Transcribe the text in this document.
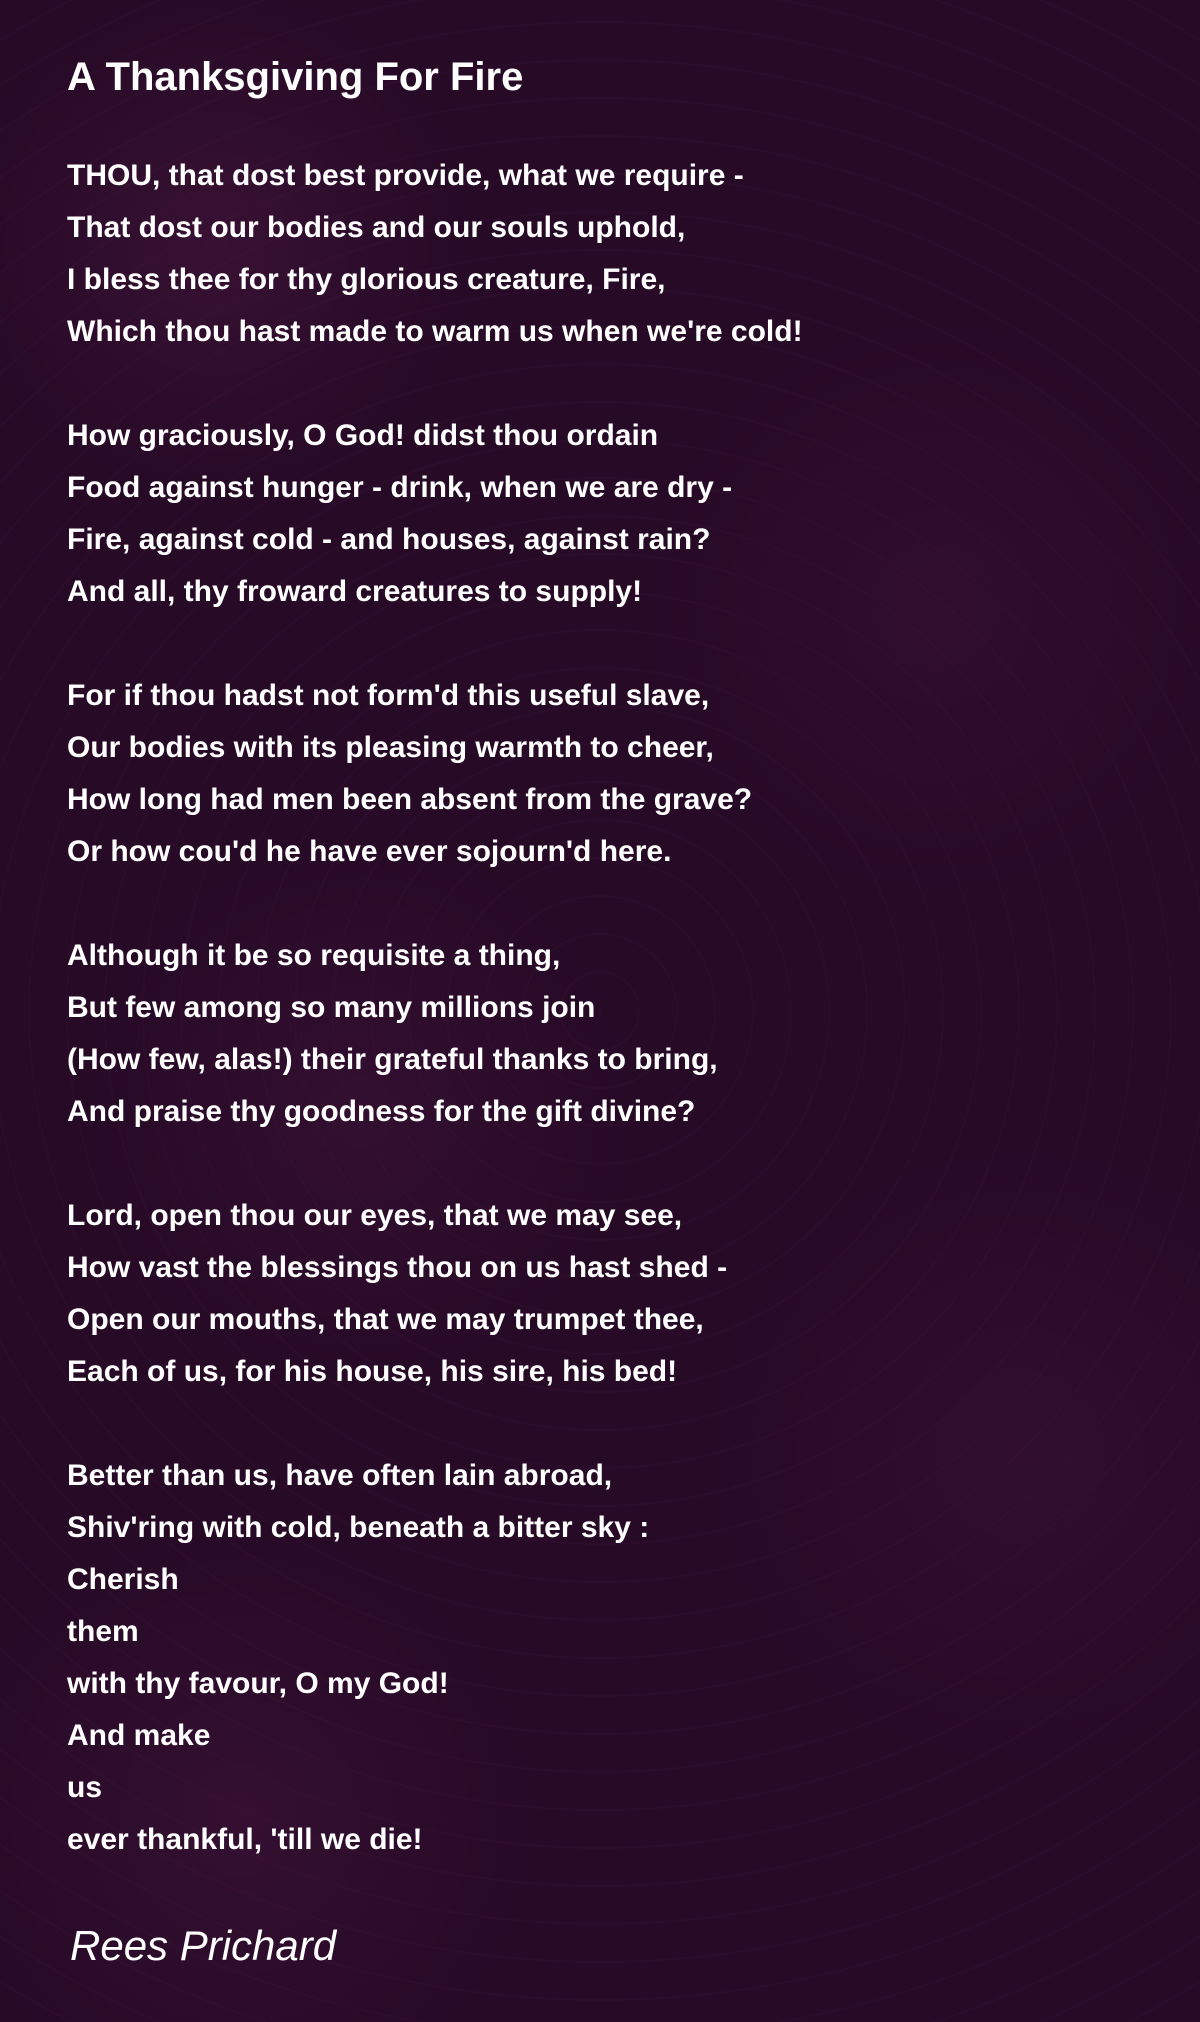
A Thanksgiving For Fire
THOU, that dost best provide, what we require -
That dost our bodies and our souls uphold,
I bless thee for thy glorious creature, Fire,
Which thou hast made to warm us when we're cold!
How graciously, O God! didst thou ordain
Food against hunger - drink, when we are dry -
Fire, against cold - and houses, against rain?
And all, thy froward creatures to supply!
For if thou hadst not form'd this useful slave,
Our bodies with its pleasing warmth to cheer,
How long had men been absent from the grave?
Or how cou'd he have ever sojourn'd here.
Although it be so requisite a thing,
But few among so many millions join
(How few, alas!) their grateful thanks to bring,
And praise thy goodness for the gift divine?
Lord, open thou our eyes, that we may see,
How vast the blessings thou on us hast shed -
Open our mouths, that we may trumpet thee,
Each of us, for his house, his sire, his bed!
Better than us, have often lain abroad,
Shiv'ring with cold, beneath a bitter sky :
Cherish
them
with thy favour, O my God!
And make
us
ever thankful, 'till we die!

Rees Prichard
